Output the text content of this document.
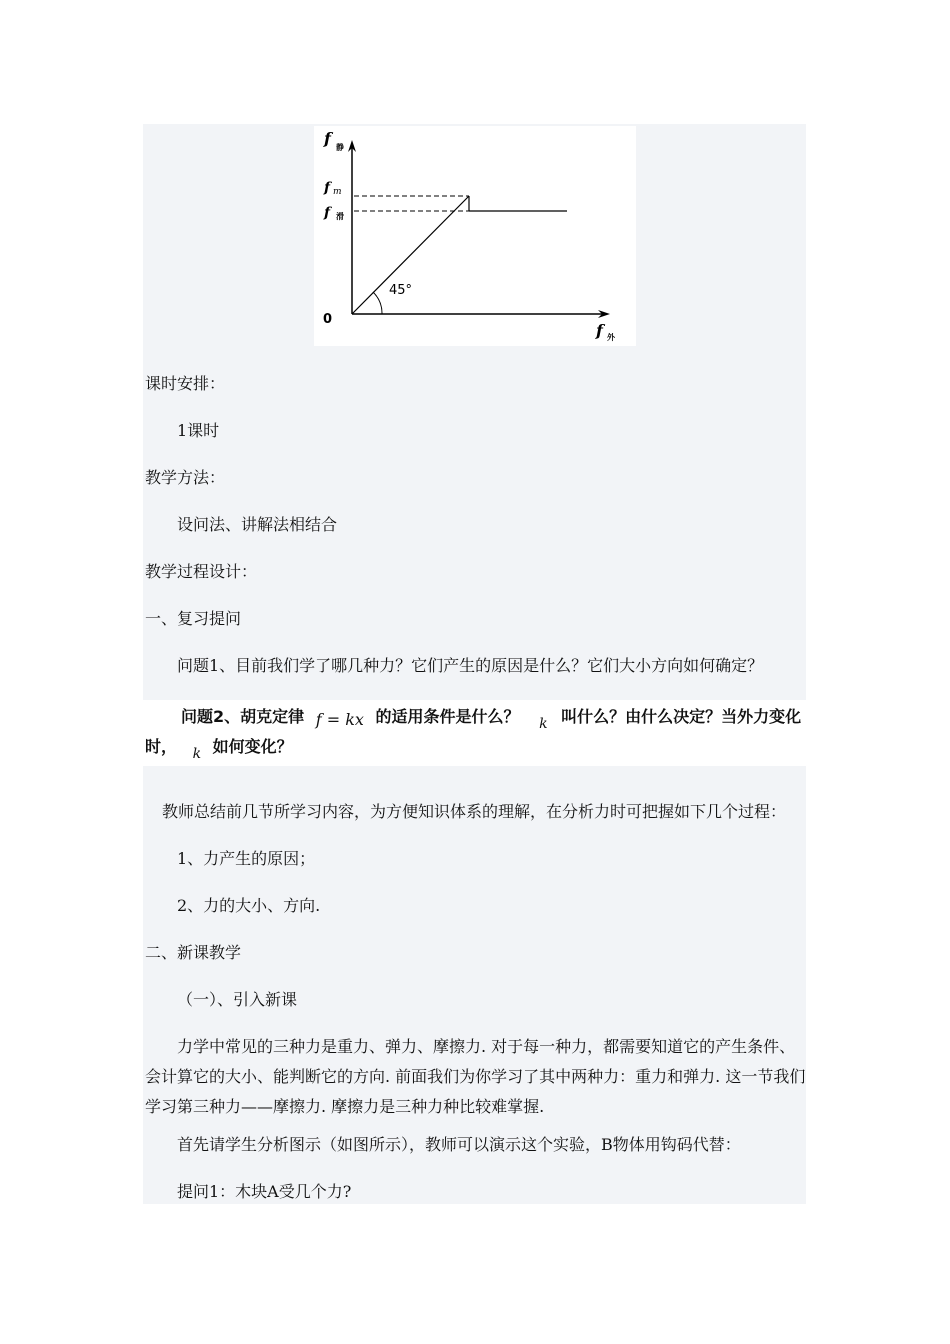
f 静
f m
f 滑
0
45°
f 外
课时安排：
1课时
教学方法：
设问法、讲解法相结合
教学过程设计：
一、复习提问
问题1、目前我们学了哪几种力？它们产生的原因是什么？它们大小方向如何确定？
问题2、胡克定律 f = kx 的适用条件是什么？ k 叫什么？由什么决定？当外力变化
时， k 如何变化？
教师总结前几节所学习内容，为方便知识体系的理解，在分析力时可把握如下几个过程：
1、力产生的原因；
2、力的大小、方向.
二、新课教学
（一）、引入新课
力学中常见的三种力是重力、弹力、摩擦力. 对于每一种力，都需要知道它的产生条件、会计算它的大小、能判断它的方向. 前面我们为你学习了其中两种力：重力和弹力. 这一节我们学习第三种力——摩擦力. 摩擦力是三种力种比较难掌握.
首先请学生分析图示（如图所示），教师可以演示这个实验，B物体用钩码代替：
提问1：木块A受几个力?
